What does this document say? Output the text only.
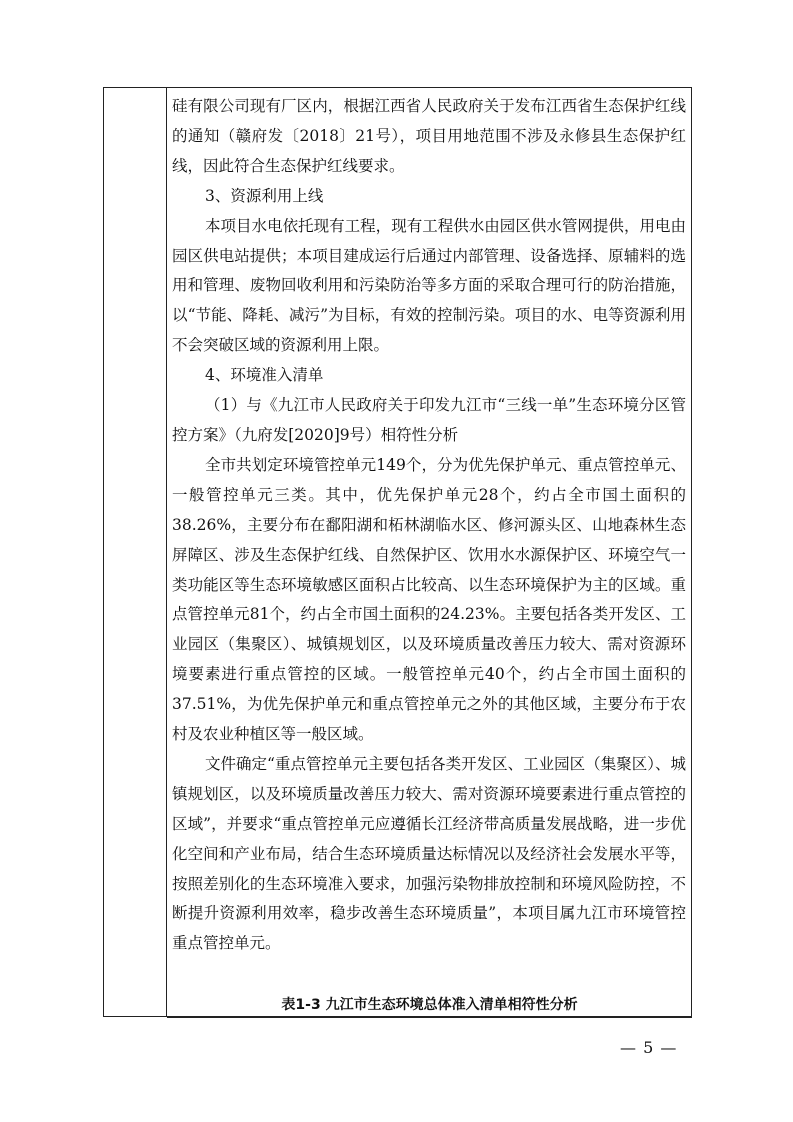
硅有限公司现有厂区内，根据江西省人民政府关于发布江西省生态保护红线的通知（赣府发〔2018〕21号），项目用地范围不涉及永修县生态保护红线，因此符合生态保护红线要求。

3、资源利用上线

本项目水电依托现有工程，现有工程供水由园区供水管网提供，用电由园区供电站提供；本项目建成运行后通过内部管理、设备选择、原辅料的选用和管理、废物回收利用和污染防治等多方面的采取合理可行的防治措施，以“节能、降耗、减污”为目标，有效的控制污染。项目的水、电等资源利用不会突破区域的资源利用上限。

4、环境准入清单

（1）与《九江市人民政府关于印发九江市“三线一单”生态环境分区管控方案》（九府发[2020]9号）相符性分析

全市共划定环境管控单元149个，分为优先保护单元、重点管控单元、一般管控单元三类。其中，优先保护单元28个，约占全市国土面积的38.26%，主要分布在鄱阳湖和柘林湖临水区、修河源头区、山地森林生态屏障区、涉及生态保护红线、自然保护区、饮用水水源保护区、环境空气一类功能区等生态环境敏感区面积占比较高、以生态环境保护为主的区域。重点管控单元81个，约占全市国土面积的24.23%。主要包括各类开发区、工业园区（集聚区）、城镇规划区，以及环境质量改善压力较大、需对资源环境要素进行重点管控的区域。一般管控单元40个，约占全市国土面积的37.51%，为优先保护单元和重点管控单元之外的其他区域，主要分布于农村及农业种植区等一般区域。

文件确定“重点管控单元主要包括各类开发区、工业园区（集聚区）、城镇规划区，以及环境质量改善压力较大、需对资源环境要素进行重点管控的区域”，并要求“重点管控单元应遵循长江经济带高质量发展战略，进一步优化空间和产业布局，结合生态环境质量达标情况以及经济社会发展水平等，按照差别化的生态环境准入要求，加强污染物排放控制和环境风险防控，不断提升资源利用效率，稳步改善生态环境质量”，本项目属九江市环境管控重点管控单元。

表1-3 九江市生态环境总体准入清单相符性分析
— 5 —
